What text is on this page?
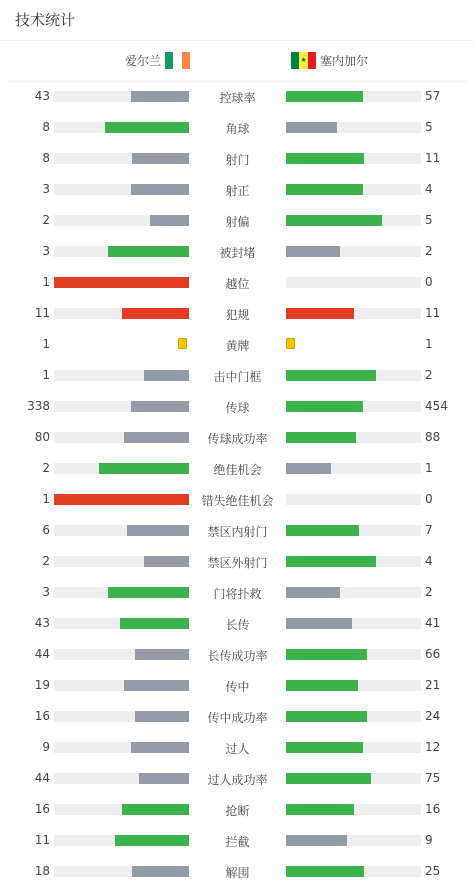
技术统计
爱尔兰
★	塞内加尔
43	控球率	57
8	角球	5
8	射门	11
3	射正	4
2	射偏	5
3	被封堵	2
1	越位	0
11	犯规	11
1	黄牌	1
1	击中门框	2
338	传球	454
80	传球成功率	88
2	绝佳机会	1
1	错失绝佳机会	0
6	禁区内射门	7
2	禁区外射门	4
3	门将扑救	2
43	长传	41
44	长传成功率	66
19	传中	21
16	传中成功率	24
9	过人	12
44	过人成功率	75
16	抢断	16
11	拦截	9
18	解围	25
